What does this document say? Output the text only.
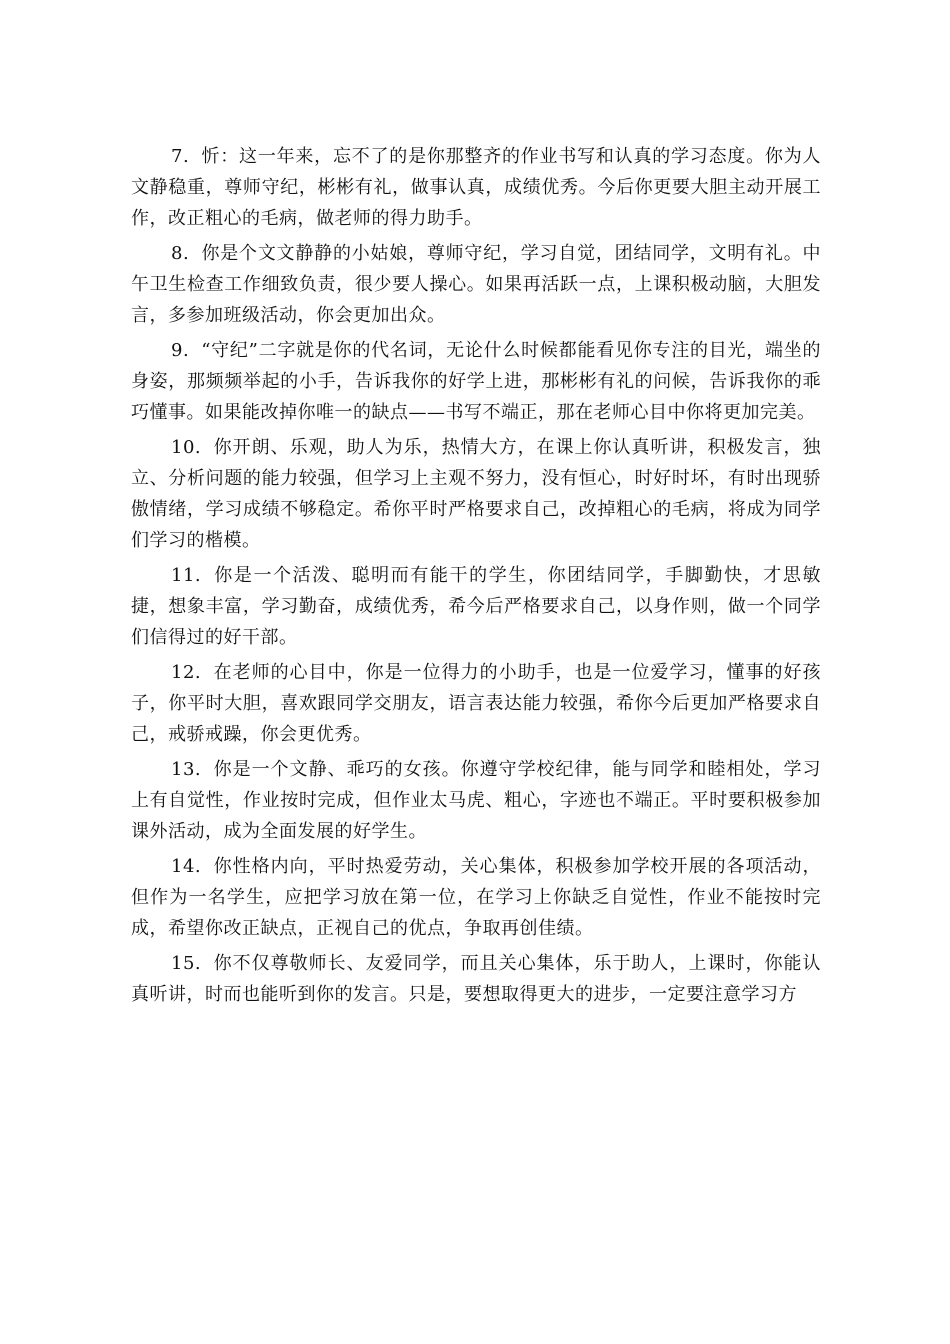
7. 忻：这一年来，忘不了的是你那整齐的作业书写和认真的学习态度。你为人文静稳重，尊师守纪，彬彬有礼，做事认真，成绩优秀。今后你更要大胆主动开展工作，改正粗心的毛病，做老师的得力助手。

8. 你是个文文静静的小姑娘，尊师守纪，学习自觉，团结同学，文明有礼。中午卫生检查工作细致负责，很少要人操心。如果再活跃一点，上课积极动脑，大胆发言，多参加班级活动，你会更加出众。

9. “守纪”二字就是你的代名词，无论什么时候都能看见你专注的目光，端坐的身姿，那频频举起的小手，告诉我你的好学上进，那彬彬有礼的问候，告诉我你的乖巧懂事。如果能改掉你唯一的缺点——书写不端正，那在老师心目中你将更加完美。

10. 你开朗、乐观，助人为乐，热情大方，在课上你认真听讲，积极发言，独立、分析问题的能力较强，但学习上主观不努力，没有恒心，时好时坏，有时出现骄傲情绪，学习成绩不够稳定。希你平时严格要求自己，改掉粗心的毛病，将成为同学们学习的楷模。

11. 你是一个活泼、聪明而有能干的学生，你团结同学，手脚勤快，才思敏捷，想象丰富，学习勤奋，成绩优秀，希今后严格要求自己，以身作则，做一个同学们信得过的好干部。

12. 在老师的心目中，你是一位得力的小助手，也是一位爱学习，懂事的好孩子，你平时大胆，喜欢跟同学交朋友，语言表达能力较强，希你今后更加严格要求自己，戒骄戒躁，你会更优秀。

13. 你是一个文静、乖巧的女孩。你遵守学校纪律，能与同学和睦相处，学习上有自觉性，作业按时完成，但作业太马虎、粗心，字迹也不端正。平时要积极参加课外活动，成为全面发展的好学生。

14. 你性格内向，平时热爱劳动，关心集体，积极参加学校开展的各项活动，但作为一名学生，应把学习放在第一位，在学习上你缺乏自觉性，作业不能按时完成，希望你改正缺点，正视自己的优点，争取再创佳绩。

15. 你不仅尊敬师长、友爱同学，而且关心集体，乐于助人，上课时，你能认真听讲，时而也能听到你的发言。只是，要想取得更大的进步，一定要注意学习方
